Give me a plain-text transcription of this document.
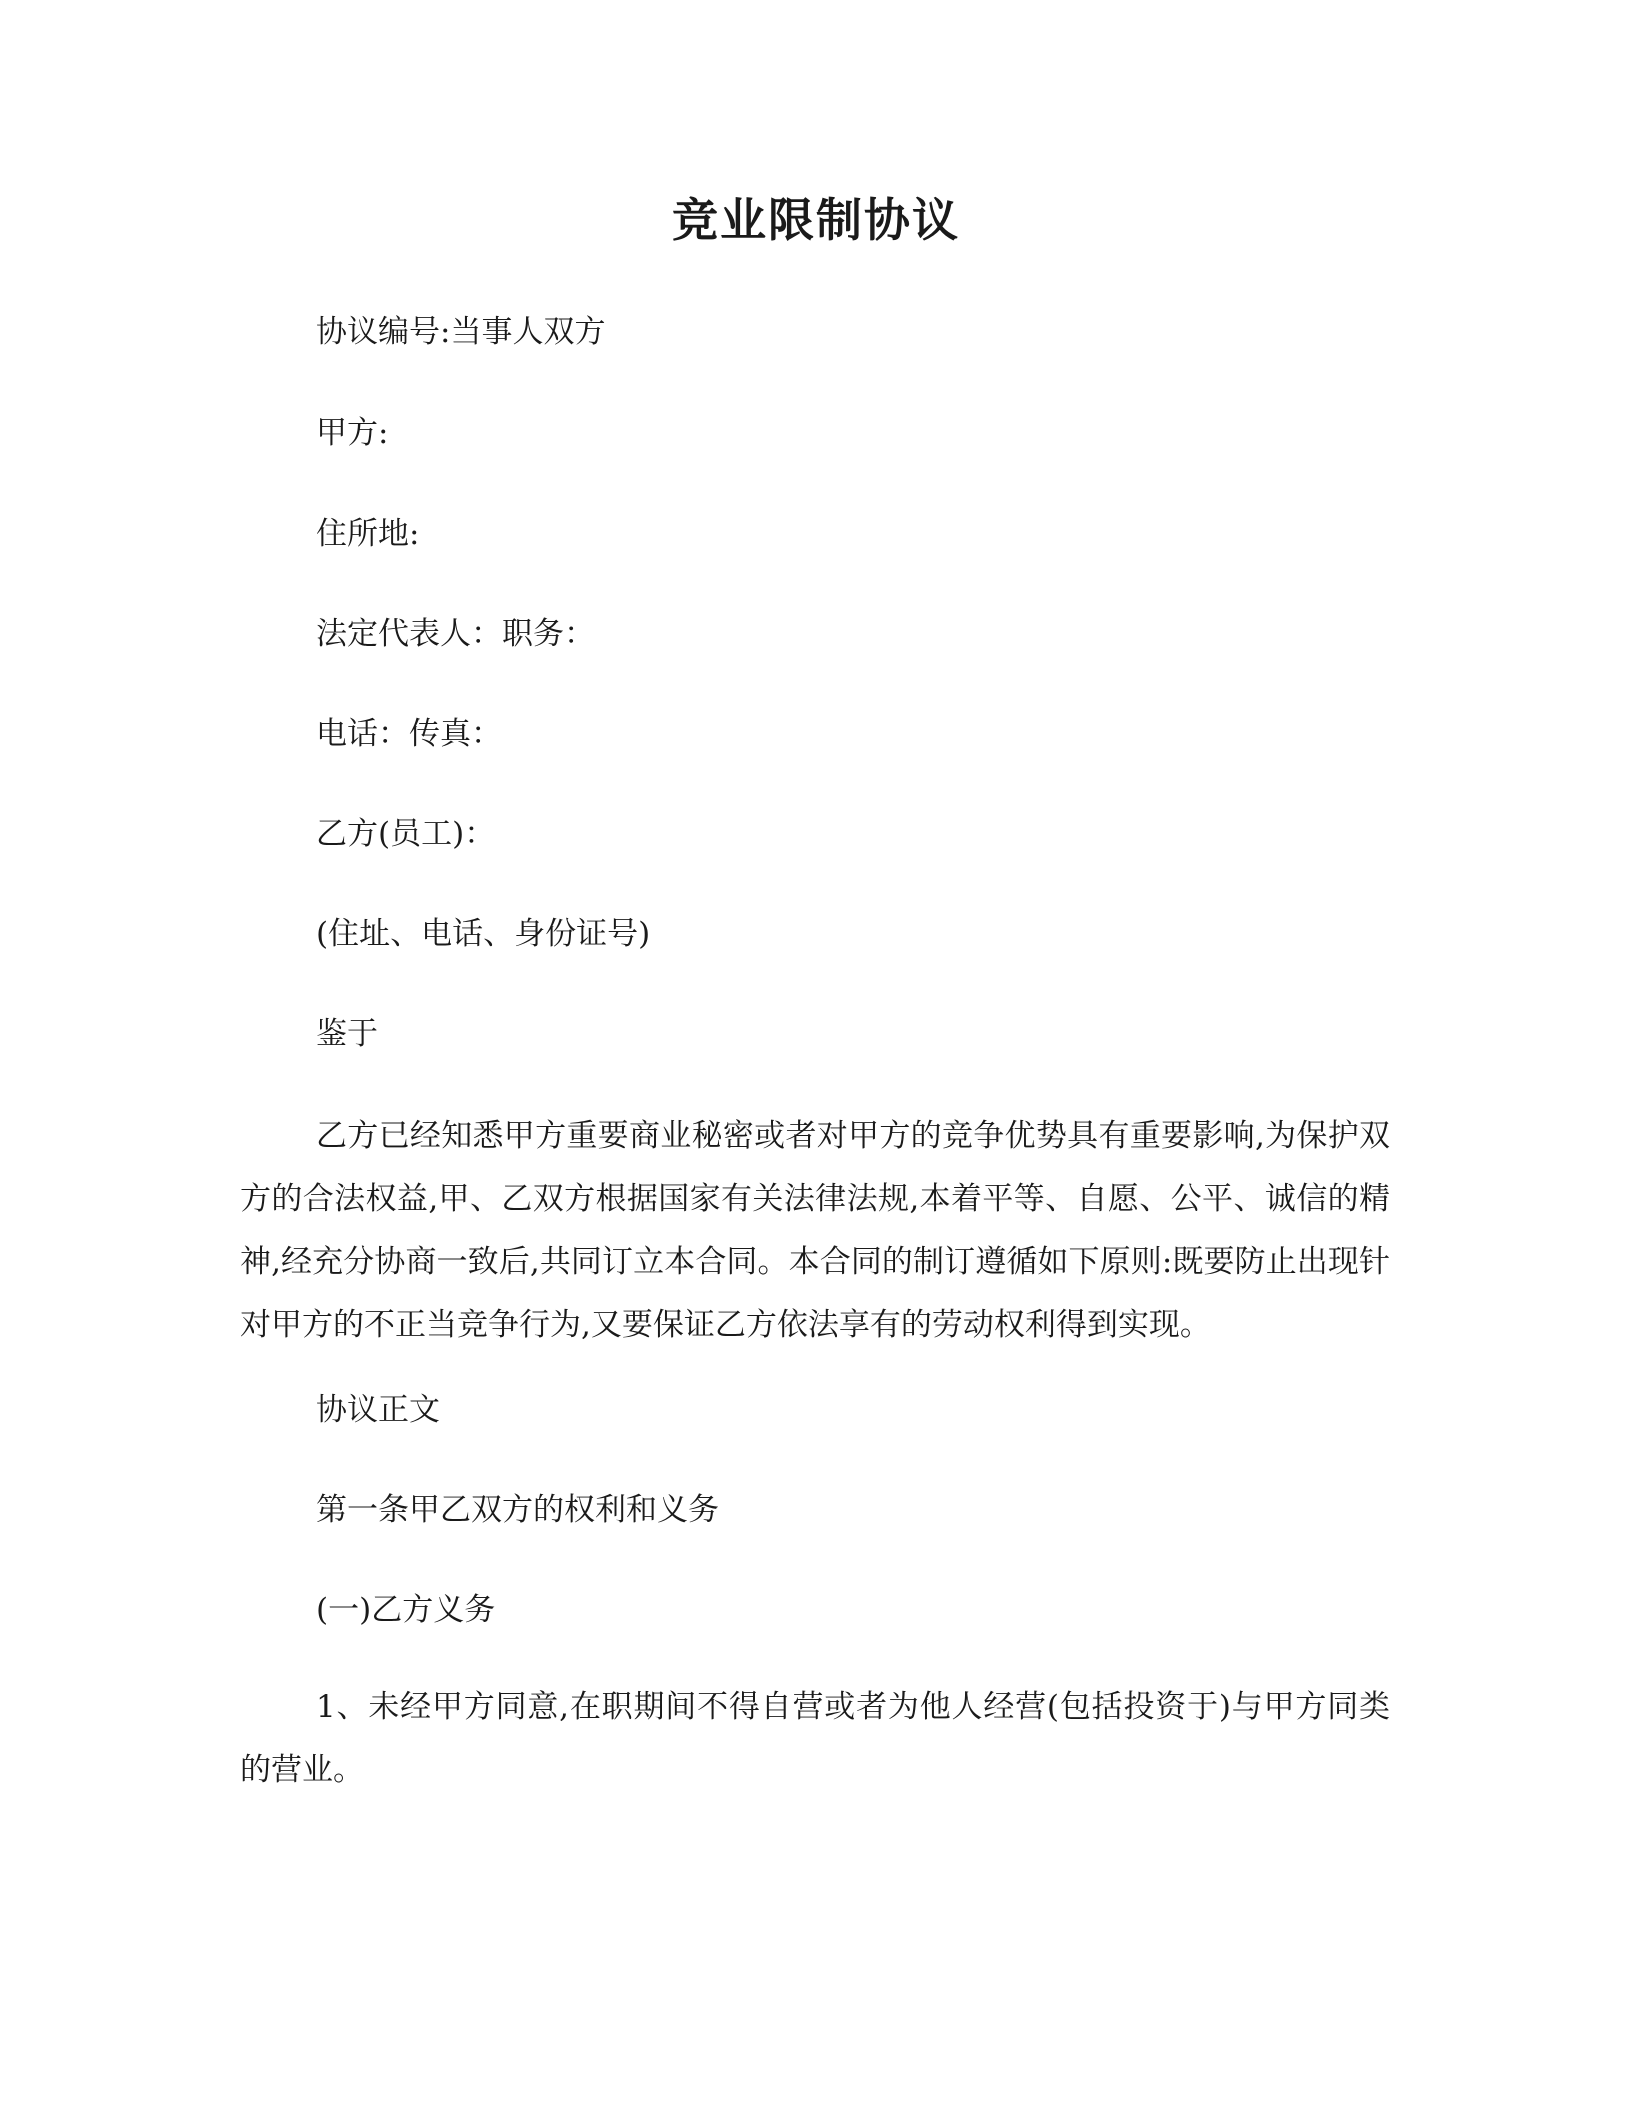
竞业限制协议
协议编号:当事人双方
甲方:
住所地:
法定代表人：职务：
电话：传真：
乙方(员工)：
(住址、电话、身份证号)
鉴于
乙方已经知悉甲方重要商业秘密或者对甲方的竞争优势具有重要影响,为保护双方的合法权益,甲、乙双方根据国家有关法律法规,本着平等、自愿、公平、诚信的精神,经充分协商一致后,共同订立本合同。本合同的制订遵循如下原则:既要防止出现针对甲方的不正当竞争行为,又要保证乙方依法享有的劳动权利得到实现。
协议正文
第一条甲乙双方的权利和义务
(一)乙方义务
1、未经甲方同意,在职期间不得自营或者为他人经营(包括投资于)与甲方同类的营业。
